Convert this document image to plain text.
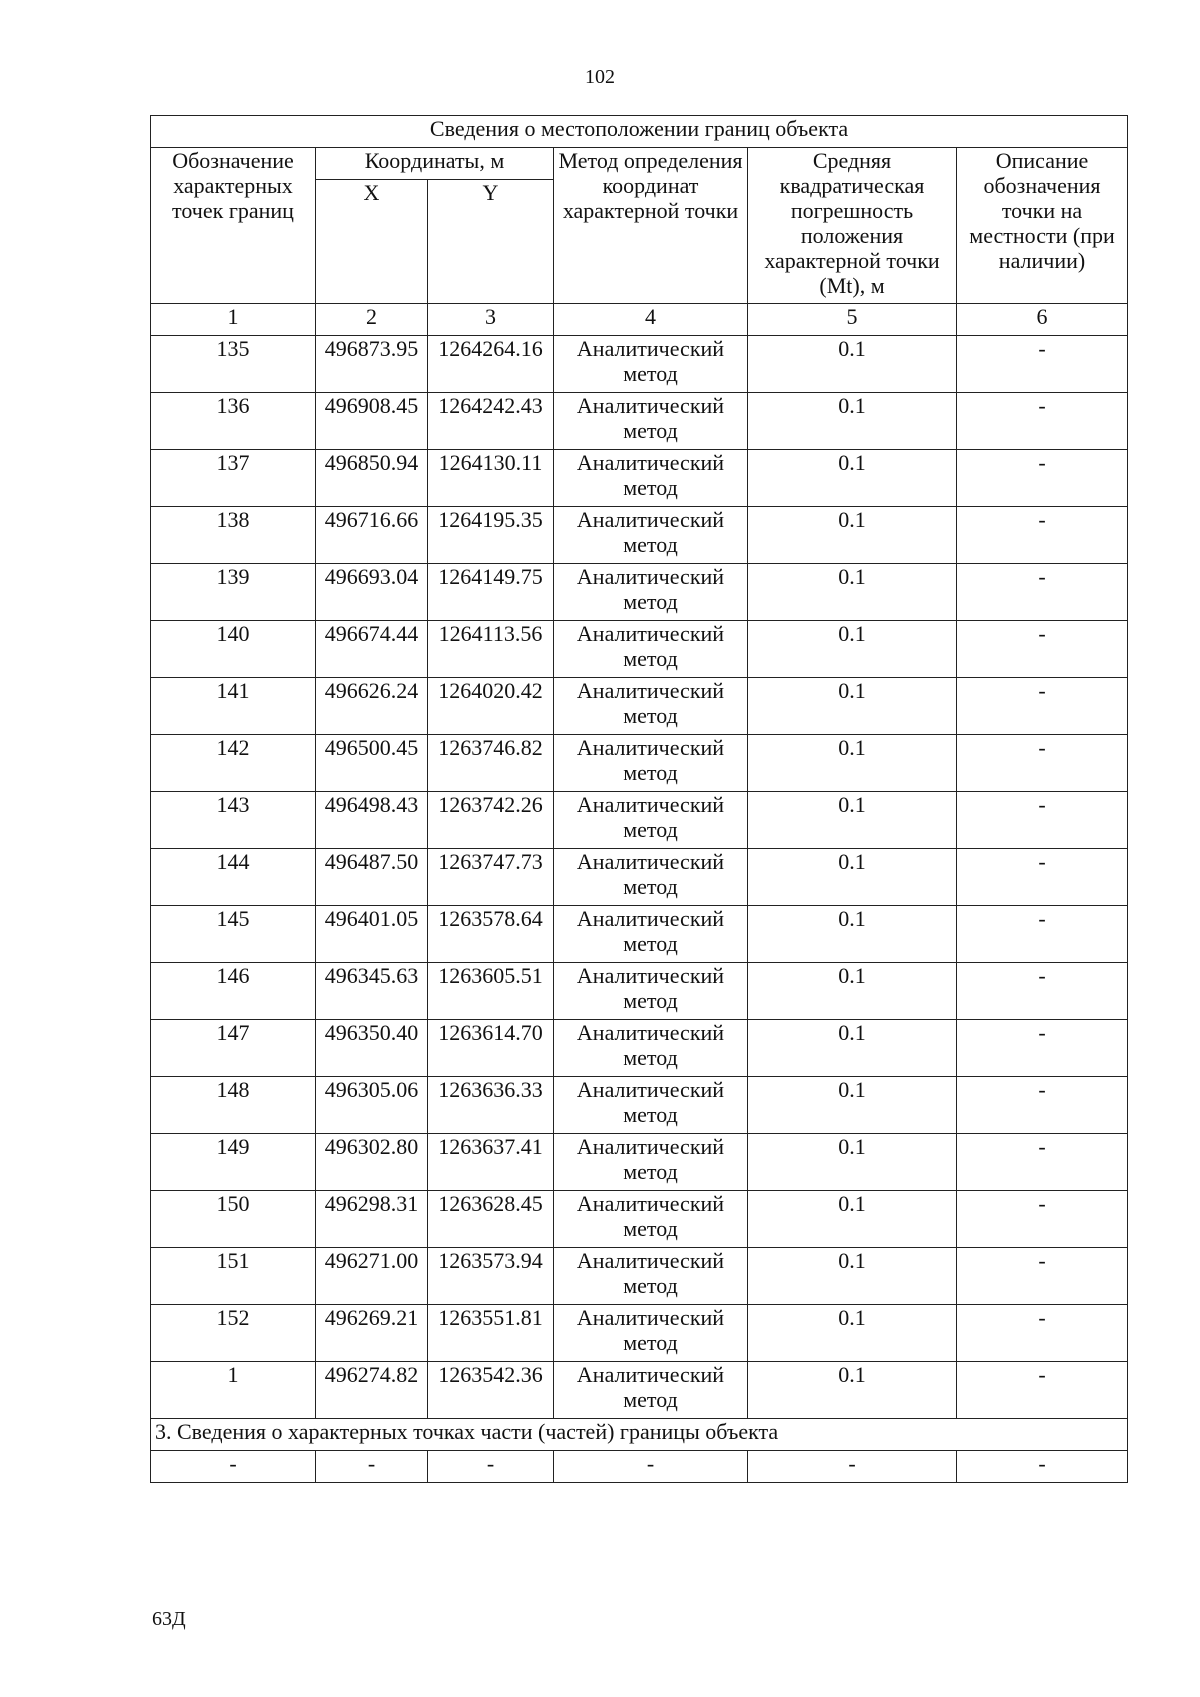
102
Сведения о местоположении границ объекта					
Обозначение характерных точек границ	Координаты, м		Метод определения координат характерной точки	Средняя квадратическая погрешность положения характерной точки (Mt), м	Описание обозначения точки на местности (при наличии)
	X	Y			
1	2	3	4	5	6
135	496873.95	1264264.16	Аналитический метод	0.1	-
136	496908.45	1264242.43	Аналитический метод	0.1	-
137	496850.94	1264130.11	Аналитический метод	0.1	-
138	496716.66	1264195.35	Аналитический метод	0.1	-
139	496693.04	1264149.75	Аналитический метод	0.1	-
140	496674.44	1264113.56	Аналитический метод	0.1	-
141	496626.24	1264020.42	Аналитический метод	0.1	-
142	496500.45	1263746.82	Аналитический метод	0.1	-
143	496498.43	1263742.26	Аналитический метод	0.1	-
144	496487.50	1263747.73	Аналитический метод	0.1	-
145	496401.05	1263578.64	Аналитический метод	0.1	-
146	496345.63	1263605.51	Аналитический метод	0.1	-
147	496350.40	1263614.70	Аналитический метод	0.1	-
148	496305.06	1263636.33	Аналитический метод	0.1	-
149	496302.80	1263637.41	Аналитический метод	0.1	-
150	496298.31	1263628.45	Аналитический метод	0.1	-
151	496271.00	1263573.94	Аналитический метод	0.1	-
152	496269.21	1263551.81	Аналитический метод	0.1	-
1	496274.82	1263542.36	Аналитический метод	0.1	-
3. Сведения о характерных точках части (частей) границы объекта					
-	-	-	-	-	-
63Д
